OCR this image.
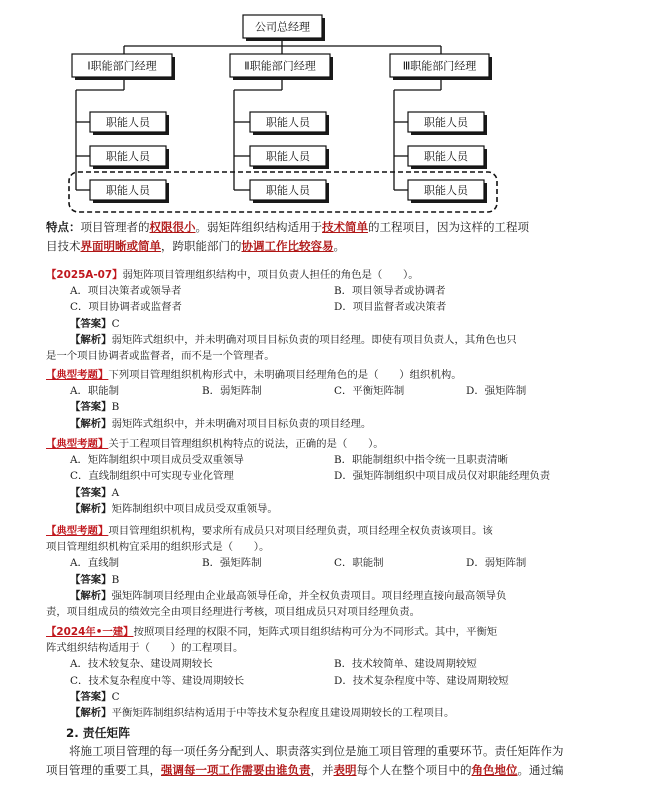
公司总经理
Ⅰ职能部门经理	Ⅱ职能部门经理	Ⅲ职能部门经理
职能人员
职能人员
职能人员
职能人员
职能人员
职能人员
职能人员
职能人员
职能人员
特点：项目管理者的权限很小。弱矩阵组织结构适用于技术简单的工程项目，因为这样的工程项
目技术界面明晰或简单，跨职能部门的协调工作比较容易。
【2025A-07】弱矩阵项目管理组织结构中，项目负责人担任的角色是（　　）。
A．项目决策者或领导者	B．项目领导者或协调者
C．项目协调者或监督者	D．项目监督者或决策者
【答案】C
【解析】弱矩阵式组织中，并未明确对项目目标负责的项目经理。即使有项目负责人，其角色也只
是一个项目协调者或监督者，而不是一个管理者。
【典型考题】下列项目管理组织机构形式中，未明确项目经理角色的是（　　）组织机构。
A．职能制	B．弱矩阵制	C．平衡矩阵制	D．强矩阵制
【答案】B
【解析】弱矩阵式组织中，并未明确对项目目标负责的项目经理。
【典型考题】关于工程项目管理组织机构特点的说法，正确的是（　　）。
A．矩阵制组织中项目成员受双重领导	B．职能制组织中指令统一且职责清晰
C．直线制组织中可实现专业化管理	D．强矩阵制组织中项目成员仅对职能经理负责
【答案】A
【解析】矩阵制组织中项目成员受双重领导。
【典型考题】项目管理组织机构，要求所有成员只对项目经理负责，项目经理全权负责该项目。该
项目管理组织机构宜采用的组织形式是（　　）。
A．直线制	B．强矩阵制	C．职能制	D．弱矩阵制
【答案】B
【解析】强矩阵制项目经理由企业最高领导任命，并全权负责项目。项目经理直接向最高领导负
责，项目组成员的绩效完全由项目经理进行考核，项目组成员只对项目经理负责。
【2024年•一建】按照项目经理的权限不同，矩阵式项目组织结构可分为不同形式。其中，平衡矩
阵式组织结构适用于（　　）的工程项目。
A．技术较复杂、建设周期较长	B．技术较简单、建设周期较短
C．技术复杂程度中等、建设周期较长	D．技术复杂程度中等、建设周期较短
【答案】C
【解析】平衡矩阵制组织结构适用于中等技术复杂程度且建设周期较长的工程项目。
2. 责任矩阵
将施工项目管理的每一项任务分配到人、职责落实到位是施工项目管理的重要环节。责任矩阵作为
项目管理的重要工具，强调每一项工作需要由谁负责，并表明每个人在整个项目中的角色地位。通过编
